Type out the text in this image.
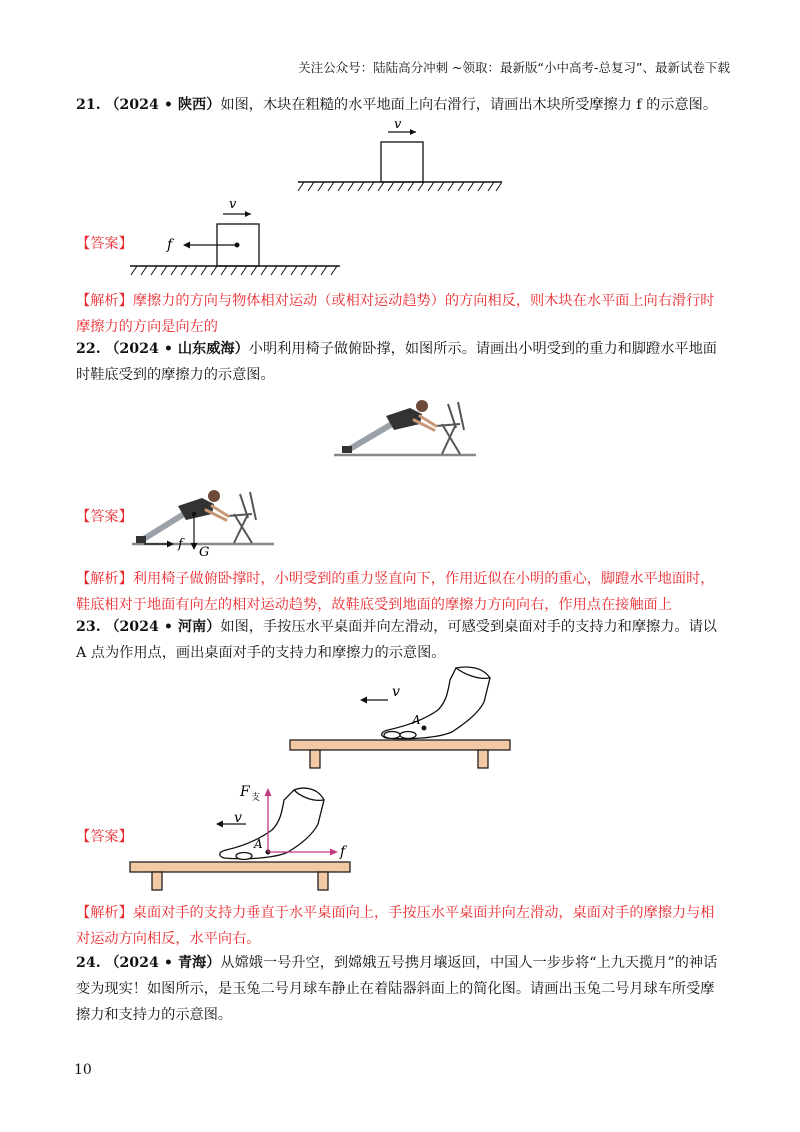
关注公众号：陆陆高分冲刺 ~领取：最新版“小中高考-总复习”、最新试卷下载
21. （2024 • 陕西）如图，木块在粗糙的水平地面上向右滑行，请画出木块所受摩擦力 f 的示意图。
v
【答案】
v
f
【解析】摩擦力的方向与物体相对运动（或相对运动趋势）的方向相反，则木块在水平面上向右滑行时摩擦力的方向是向左的
22. （2024 • 山东威海）小明利用椅子做俯卧撑，如图所示。请画出小明受到的重力和脚蹬水平地面时鞋底受到的摩擦力的示意图。
【答案】
G
f
【解析】利用椅子做俯卧撑时，小明受到的重力竖直向下，作用近似在小明的重心，脚蹬水平地面时，鞋底相对于地面有向左的相对运动趋势，故鞋底受到地面的摩擦力方向向右，作用点在接触面上
23. （2024 • 河南）如图，手按压水平桌面并向左滑动，可感受到桌面对手的支持力和摩擦力。请以 A 点为作用点，画出桌面对手的支持力和摩擦力的示意图。
v
A
【答案】
F 支
v
A	f
【解析】桌面对手的支持力垂直于水平桌面向上，手按压水平桌面并向左滑动，桌面对手的摩擦力与相对运动方向相反，水平向右。
24. （2024 • 青海）从嫦娥一号升空，到嫦娥五号携月壤返回，中国人一步步将“上九天揽月”的神话变为现实！如图所示，是玉兔二号月球车静止在着陆器斜面上的简化图。请画出玉兔二号月球车所受摩擦力和支持力的示意图。
10
